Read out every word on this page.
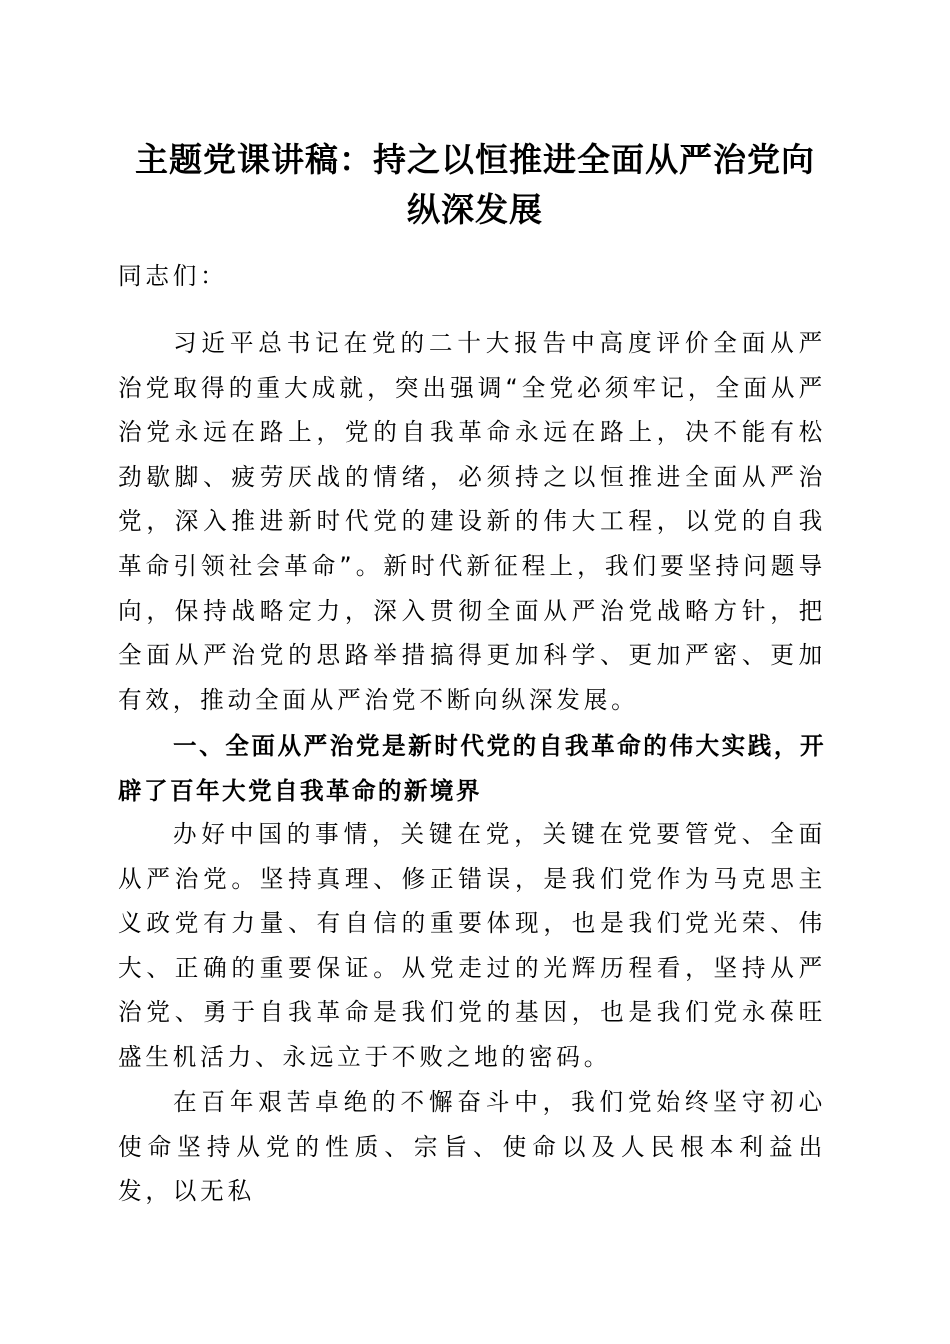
主题党课讲稿：持之以恒推进全面从严治党向
纵深发展
同志们：
习近平总书记在党的二十大报告中高度评价全面从严治党取得的重大成就，突出强调“全党必须牢记，全面从严治党永远在路上，党的自我革命永远在路上，决不能有松劲歇脚、疲劳厌战的情绪，必须持之以恒推进全面从严治党，深入推进新时代党的建设新的伟大工程，以党的自我革命引领社会革命”。新时代新征程上，我们要坚持问题导向，保持战略定力，深入贯彻全面从严治党战略方针，把全面从严治党的思路举措搞得更加科学、更加严密、更加有效，推动全面从严治党不断向纵深发展。
一、全面从严治党是新时代党的自我革命的伟大实践，开辟了百年大党自我革命的新境界
办好中国的事情，关键在党，关键在党要管党、全面从严治党。坚持真理、修正错误，是我们党作为马克思主义政党有力量、有自信的重要体现，也是我们党光荣、伟大、正确的重要保证。从党走过的光辉历程看，坚持从严治党、勇于自我革命是我们党的基因，也是我们党永葆旺盛生机活力、永远立于不败之地的密码。
在百年艰苦卓绝的不懈奋斗中，我们党始终坚守初心使命坚持从党的性质、宗旨、使命以及人民根本利益出发，以无私
